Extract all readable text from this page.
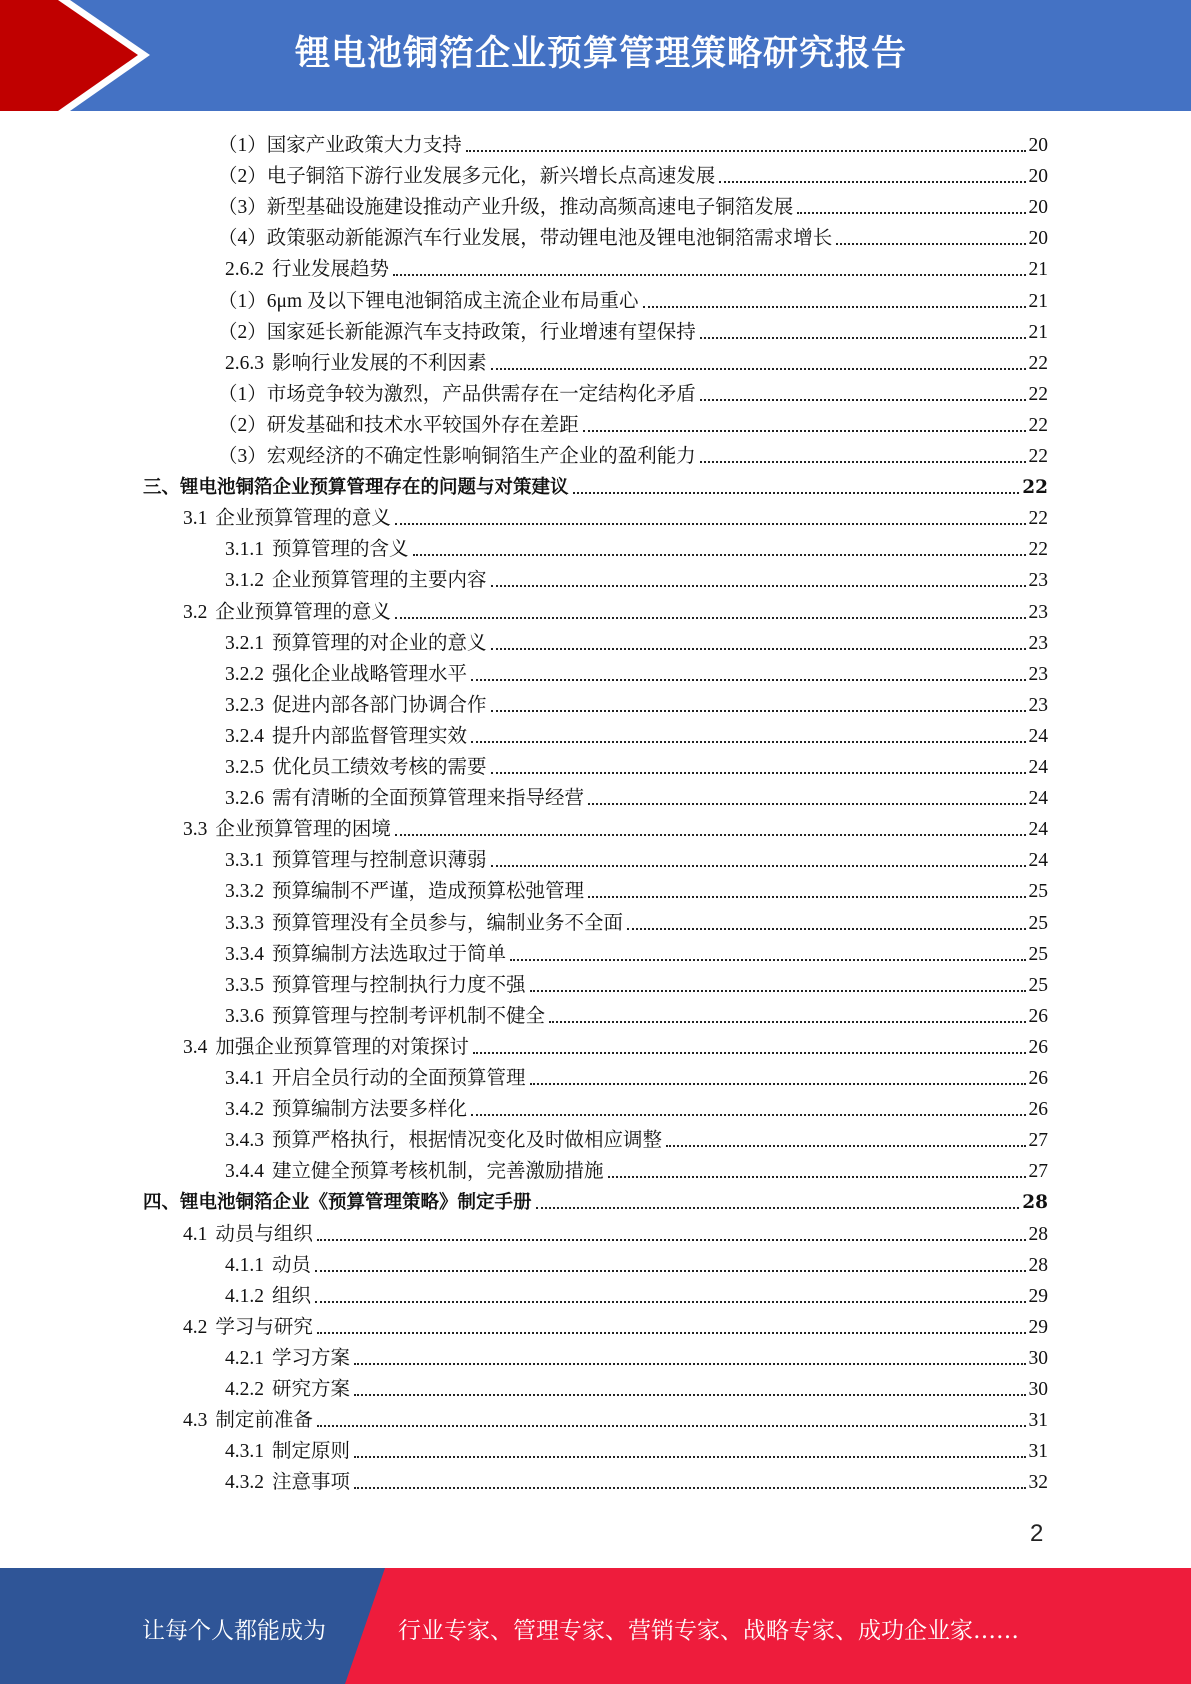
锂电池铜箔企业预算管理策略研究报告
（1） 国家产业政策大力支持	20
（2） 电子铜箔下游行业发展多元化，新兴增长点高速发展	20
（3） 新型基础设施建设推动产业升级，推动高频高速电子铜箔发展	20
（4） 政策驱动新能源汽车行业发展，带动锂电池及锂电池铜箔需求增长	20
2.6.2 行业发展趋势	21
（1） 6μm 及以下锂电池铜箔成主流企业布局重心	21
（2） 国家延长新能源汽车支持政策，行业增速有望保持	21
2.6.3 影响行业发展的不利因素	22
（1） 市场竞争较为激烈，产品供需存在一定结构化矛盾	22
（2） 研发基础和技术水平较国外存在差距	22
（3） 宏观经济的不确定性影响铜箔生产企业的盈利能力	22
三、 锂电池铜箔企业预算管理存在的问题与对策建议	22
3.1 企业预算管理的意义	22
3.1.1 预算管理的含义	22
3.1.2 企业预算管理的主要内容	23
3.2 企业预算管理的意义	23
3.2.1 预算管理的对企业的意义	23
3.2.2 强化企业战略管理水平	23
3.2.3 促进内部各部门协调合作	23
3.2.4 提升内部监督管理实效	24
3.2.5 优化员工绩效考核的需要	24
3.2.6 需有清晰的全面预算管理来指导经营	24
3.3 企业预算管理的困境	24
3.3.1 预算管理与控制意识薄弱	24
3.3.2 预算编制不严谨，造成预算松弛管理	25
3.3.3 预算管理没有全员参与，编制业务不全面	25
3.3.4 预算编制方法选取过于简单	25
3.3.5 预算管理与控制执行力度不强	25
3.3.6 预算管理与控制考评机制不健全	26
3.4 加强企业预算管理的对策探讨	26
3.4.1 开启全员行动的全面预算管理	26
3.4.2 预算编制方法要多样化	26
3.4.3 预算严格执行，根据情况变化及时做相应调整	27
3.4.4 建立健全预算考核机制，完善激励措施	27
四、 锂电池铜箔企业《预算管理策略》制定手册	28
4.1 动员与组织	28
4.1.1 动员	28
4.1.2 组织	29
4.2 学习与研究	29
4.2.1 学习方案	30
4.2.2 研究方案	30
4.3 制定前准备	31
4.3.1 制定原则	31
4.3.2 注意事项	32
2
让每个人都能成为	行业专家、管理专家、营销专家、战略专家、成功企业家……
